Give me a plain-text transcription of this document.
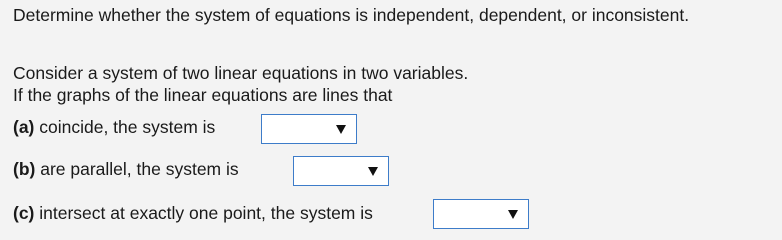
Determine whether the system of equations is independent, dependent, or inconsistent.
Consider a system of two linear equations in two variables.
If the graphs of the linear equations are lines that
(a) coincide, the system is
(b) are parallel, the system is
(c) intersect at exactly one point, the system is
